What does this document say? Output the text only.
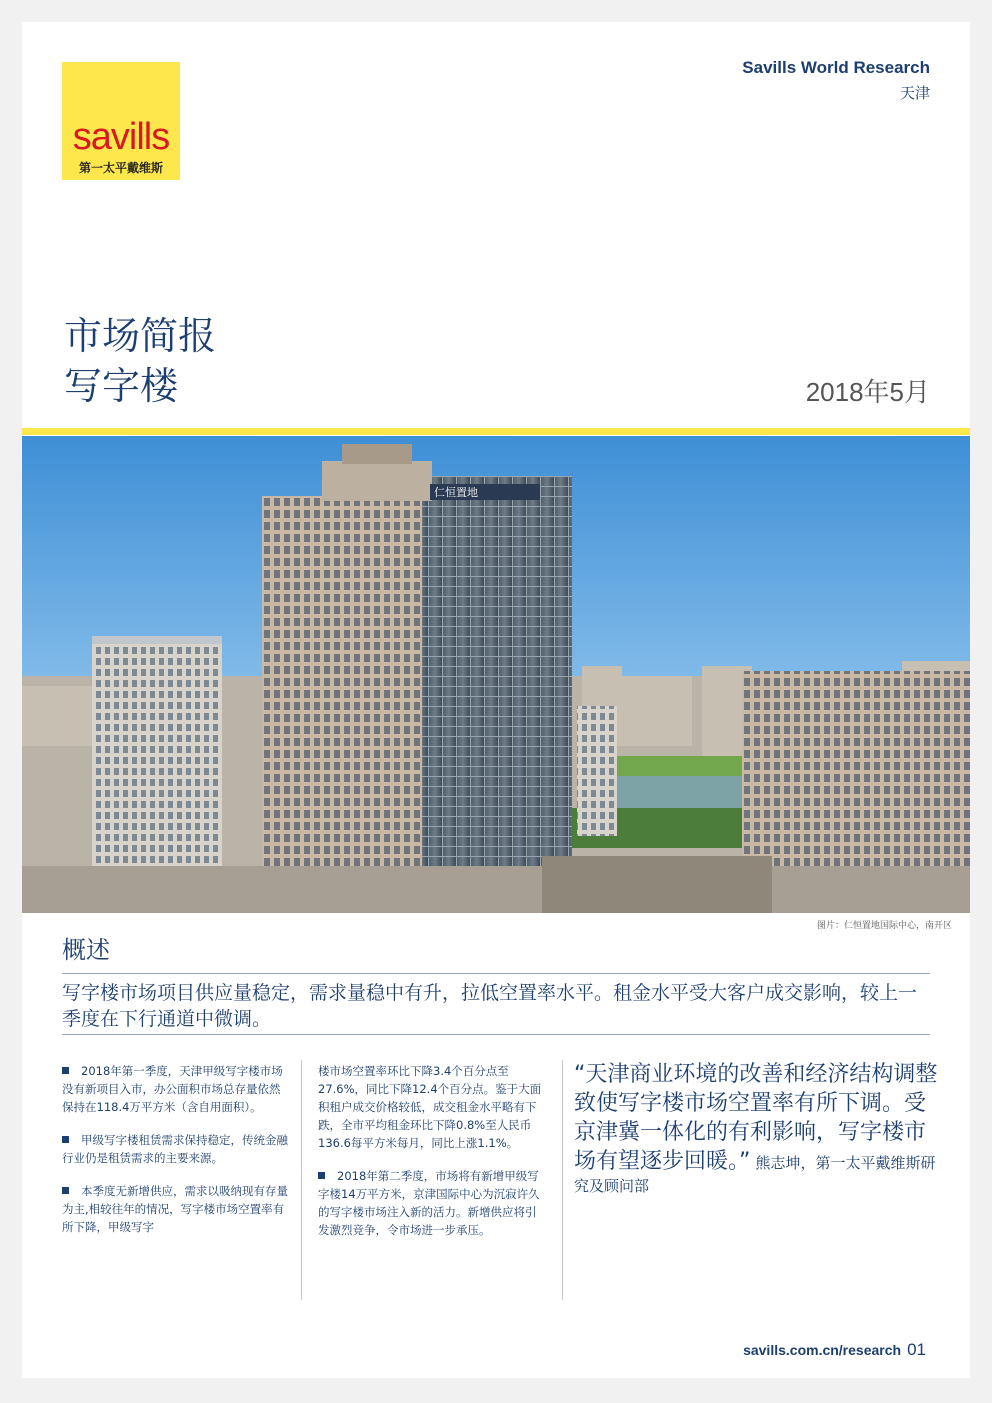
savills
第一太平戴维斯
Savills World Research
天津
市场简报
写字楼	2018年5月
仁恒置地
图片：仁恒置地国际中心，南开区
概述
写字楼市场项目供应量稳定，需求量稳中有升，拉低空置率水平。租金水平受大客户成交影响，较上一季度在下行通道中微调。

2018年第一季度，天津甲级写字楼市场没有新项目入市，办公面积市场总存量依然保持在118.4万平方米（含自用面积）。

甲级写字楼租赁需求保持稳定，传统金融行业仍是租赁需求的主要来源。

本季度无新增供应，需求以吸纳现有存量为主,相较往年的情况，写字楼市场空置率有所下降，甲级写字

楼市场空置率环比下降3.4个百分点至27.6%，同比下降12.4个百分点。鉴于大面积租户成交价格较低，成交租金水平略有下跌，全市平均租金环比下降0.8%至人民币136.6每平方米每月，同比上涨1.1%。

2018年第二季度，市场将有新增甲级写字楼14万平方米，京津国际中心为沉寂许久的写字楼市场注入新的活力。新增供应将引发激烈竞争，令市场进一步承压。

“天津商业环境的改善和经济结构调整致使写字楼市场空置率有所下调。受京津冀一体化的有利影响，写字楼市场有望逐步回暖。” 熊志坤，第一太平戴维斯研究及顾问部
savills.com.cn/research 01
